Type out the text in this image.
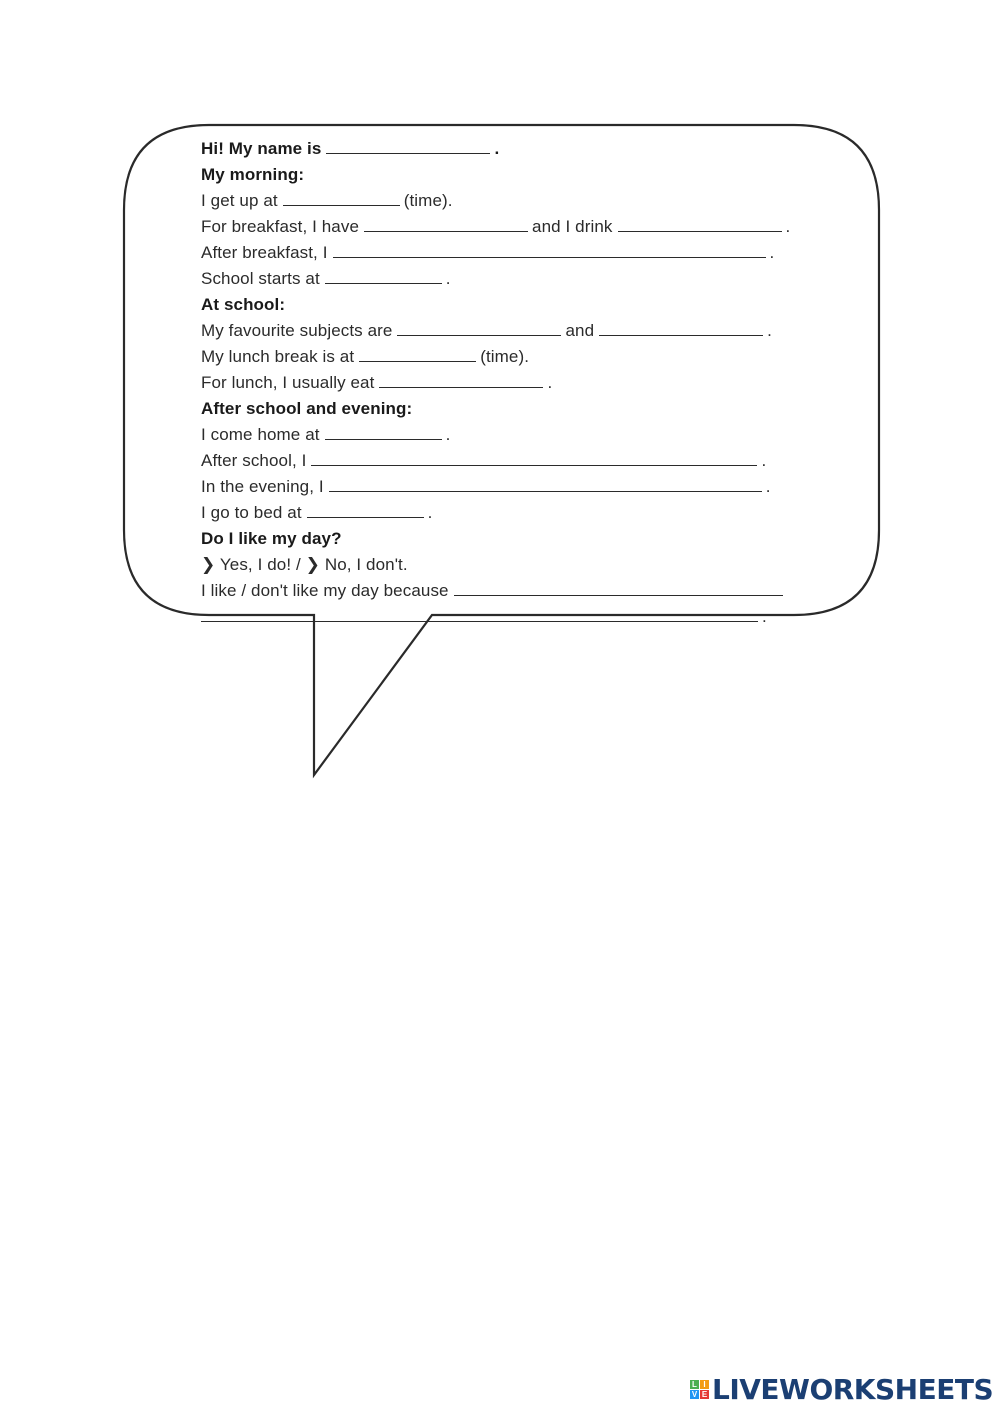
Hi! My name is	.
My morning:
I get up at	(time).
For breakfast, I have	and I drink	.
After breakfast, I	.
School starts at	.
At school:
My favourite subjects are	and	.
My lunch break is at	(time).
For lunch, I usually eat	.
After school and evening:
I come home at	.
After school, I	.
In the evening, I	.
I go to bed at	.
Do I like my day?
❯ Yes, I do! / ❯ No, I don't.
I like / don't like my day because
.
L I
V E LIVEWORKSHEETS
